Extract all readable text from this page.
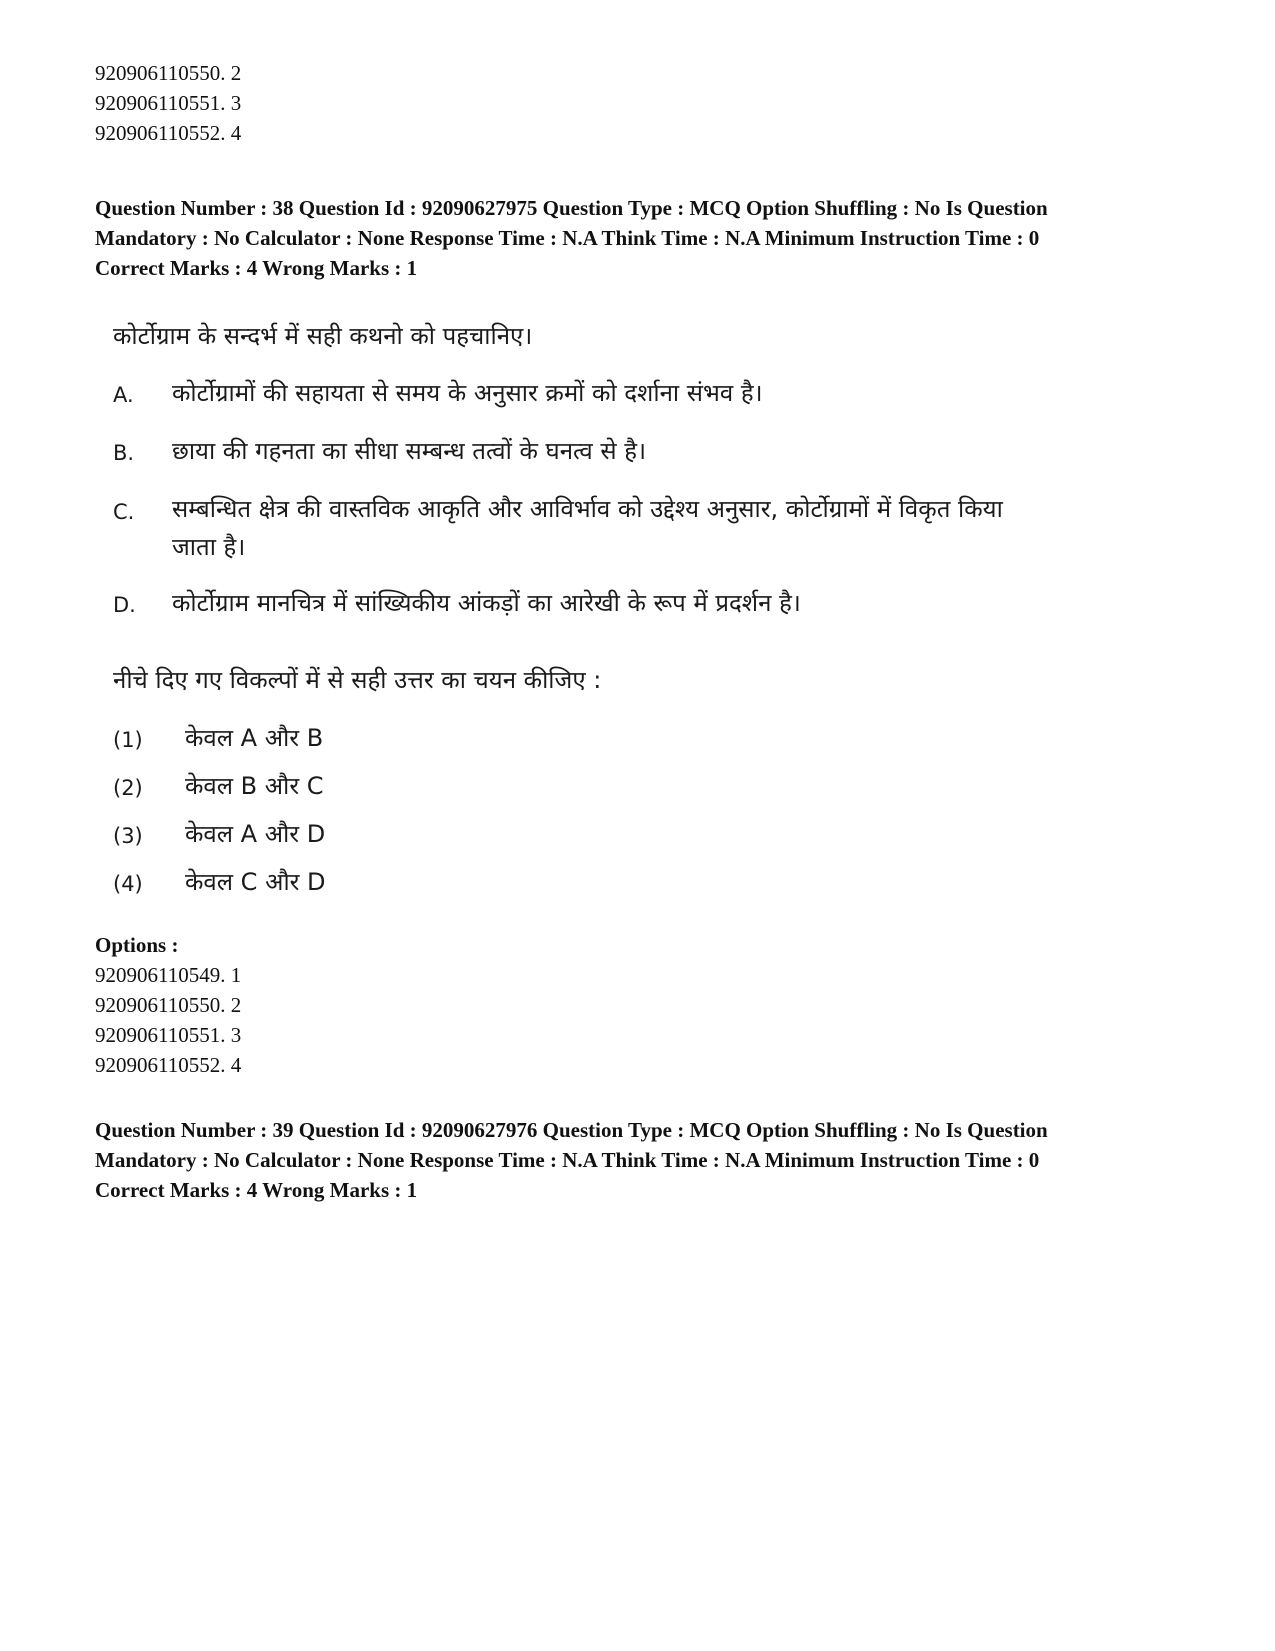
920906110550. 2
920906110551. 3
920906110552. 4
Question Number : 38 Question Id : 92090627975 Question Type : MCQ Option Shuffling : No Is Question
Mandatory : No Calculator : None Response Time : N.A Think Time : N.A Minimum Instruction Time : 0
Correct Marks : 4 Wrong Marks : 1
कोर्टोग्राम के सन्दर्भ में सही कथनो को पहचानिए।
A. कोर्टोग्रामों की सहायता से समय के अनुसार क्रमों को दर्शाना संभव है।
B. छाया की गहनता का सीधा सम्बन्ध तत्वों के घनत्व से है।
C. सम्बन्धित क्षेत्र की वास्तविक आकृति और आविर्भाव को उद्देश्य अनुसार, कोर्टोग्रामों में विकृत किया जाता है।
D. कोर्टोग्राम मानचित्र में सांख्यिकीय आंकड़ों का आरेखी के रूप में प्रदर्शन है।
नीचे दिए गए विकल्पों में से सही उत्तर का चयन कीजिए :
(1) केवल A और B
(2) केवल B और C
(3) केवल A और D
(4) केवल C और D
Options :
920906110549. 1
920906110550. 2
920906110551. 3
920906110552. 4
Question Number : 39 Question Id : 92090627976 Question Type : MCQ Option Shuffling : No Is Question
Mandatory : No Calculator : None Response Time : N.A Think Time : N.A Minimum Instruction Time : 0
Correct Marks : 4 Wrong Marks : 1
